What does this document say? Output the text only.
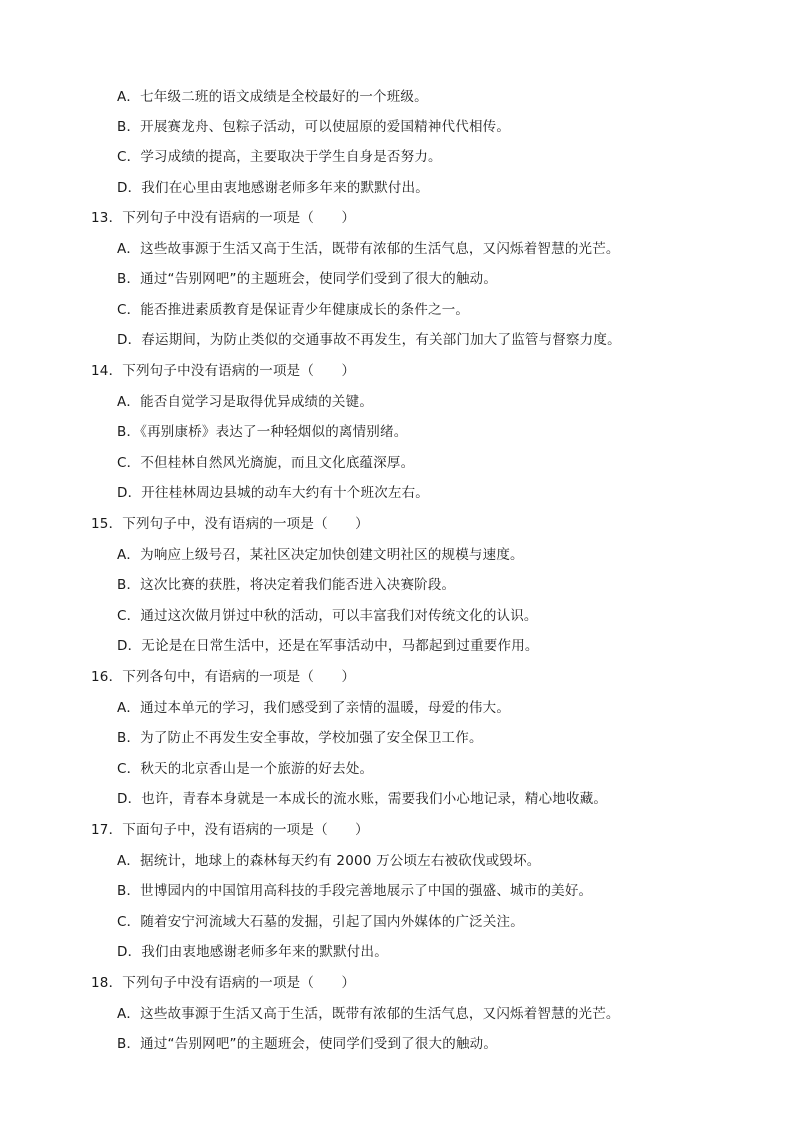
A．七年级二班的语文成绩是全校最好的一个班级。
B．开展赛龙舟、包粽子活动，可以使屈原的爱国精神代代相传。
C．学习成绩的提高，主要取决于学生自身是否努力。
D．我们在心里由衷地感谢老师多年来的默默付出。
13．下列句子中没有语病的一项是（　　）
A．这些故事源于生活又高于生活，既带有浓郁的生活气息，又闪烁着智慧的光芒。
B．通过“告别网吧”的主题班会，使同学们受到了很大的触动。
C．能否推进素质教育是保证青少年健康成长的条件之一。
D．春运期间，为防止类似的交通事故不再发生，有关部门加大了监管与督察力度。
14．下列句子中没有语病的一项是（　　）
A．能否自觉学习是取得优异成绩的关键。
B．《再别康桥》表达了一种轻烟似的离情别绪。
C．不但桂林自然风光旖旎，而且文化底蕴深厚。
D．开往桂林周边县城的动车大约有十个班次左右。
15．下列句子中，没有语病的一项是（　　）
A．为响应上级号召，某社区决定加快创建文明社区的规模与速度。
B．这次比赛的获胜，将决定着我们能否进入决赛阶段。
C．通过这次做月饼过中秋的活动，可以丰富我们对传统文化的认识。
D．无论是在日常生活中，还是在军事活动中，马都起到过重要作用。
16．下列各句中，有语病的一项是（　　）
A．通过本单元的学习，我们感受到了亲情的温暖，母爱的伟大。
B．为了防止不再发生安全事故，学校加强了安全保卫工作。
C．秋天的北京香山是一个旅游的好去处。
D．也许，青春本身就是一本成长的流水账，需要我们小心地记录，精心地收藏。
17．下面句子中，没有语病的一项是（　　）
A．据统计，地球上的森林每天约有 2000 万公顷左右被砍伐或毁坏。
B．世博园内的中国馆用高科技的手段完善地展示了中国的强盛、城市的美好。
C．随着安宁河流域大石墓的发掘，引起了国内外媒体的广泛关注。
D．我们由衷地感谢老师多年来的默默付出。
18．下列句子中没有语病的一项是（　　）
A．这些故事源于生活又高于生活，既带有浓郁的生活气息，又闪烁着智慧的光芒。
B．通过“告别网吧”的主题班会，使同学们受到了很大的触动。
